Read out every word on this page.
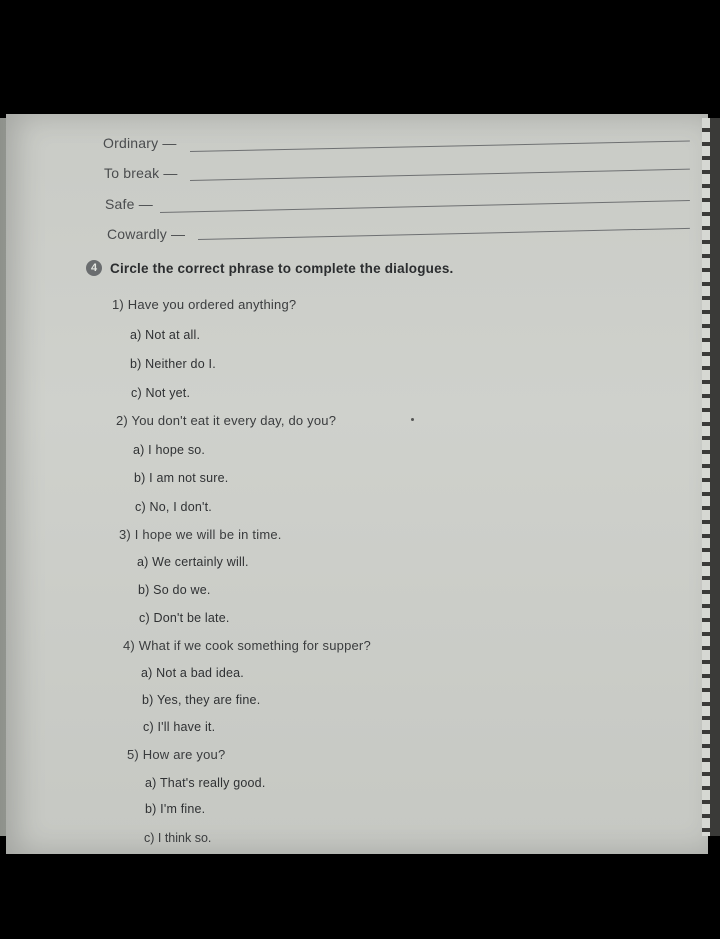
Ordinary —
To break —
Safe —
Cowardly —
4 Circle the correct phrase to complete the dialogues.
1) Have you ordered anything?
a) Not at all.
b) Neither do I.
c) Not yet.
2) You don't eat it every day, do you?
a) I hope so.
b) I am not sure.
c) No, I don't.
3) I hope we will be in time.
a) We certainly will.
b) So do we.
c) Don't be late.
4) What if we cook something for supper?
a) Not a bad idea.
b) Yes, they are fine.
c) I'll have it.
5) How are you?
a) That's really good.
b) I'm fine.
c) I think so.
